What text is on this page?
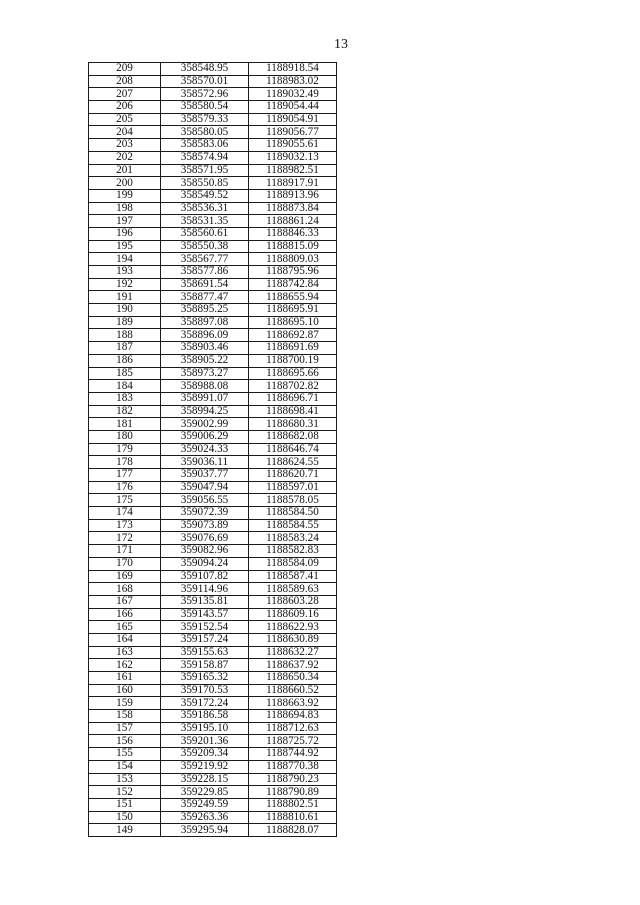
13
209	358548.95	1188918.54
208	358570.01	1188983.02
207	358572.96	1189032.49
206	358580.54	1189054.44
205	358579.33	1189054.91
204	358580.05	1189056.77
203	358583.06	1189055.61
202	358574.94	1189032.13
201	358571.95	1188982.51
200	358550.85	1188917.91
199	358549.52	1188913.96
198	358536.31	1188873.84
197	358531.35	1188861.24
196	358560.61	1188846.33
195	358550.38	1188815.09
194	358567.77	1188809.03
193	358577.86	1188795.96
192	358691.54	1188742.84
191	358877.47	1188655.94
190	358895.25	1188695.91
189	358897.08	1188695.10
188	358896.09	1188692.87
187	358903.46	1188691.69
186	358905.22	1188700.19
185	358973.27	1188695.66
184	358988.08	1188702.82
183	358991.07	1188696.71
182	358994.25	1188698.41
181	359002.99	1188680.31
180	359006.29	1188682.08
179	359024.33	1188646.74
178	359036.11	1188624.55
177	359037.77	1188620.71
176	359047.94	1188597.01
175	359056.55	1188578.05
174	359072.39	1188584.50
173	359073.89	1188584.55
172	359076.69	1188583.24
171	359082.96	1188582.83
170	359094.24	1188584.09
169	359107.82	1188587.41
168	359114.96	1188589.63
167	359135.81	1188603.28
166	359143.57	1188609.16
165	359152.54	1188622.93
164	359157.24	1188630.89
163	359155.63	1188632.27
162	359158.87	1188637.92
161	359165.32	1188650.34
160	359170.53	1188660.52
159	359172.24	1188663.92
158	359186.58	1188694.83
157	359195.10	1188712.63
156	359201.36	1188725.72
155	359209.34	1188744.92
154	359219.92	1188770.38
153	359228.15	1188790.23
152	359229.85	1188790.89
151	359249.59	1188802.51
150	359263.36	1188810.61
149	359295.94	1188828.07
